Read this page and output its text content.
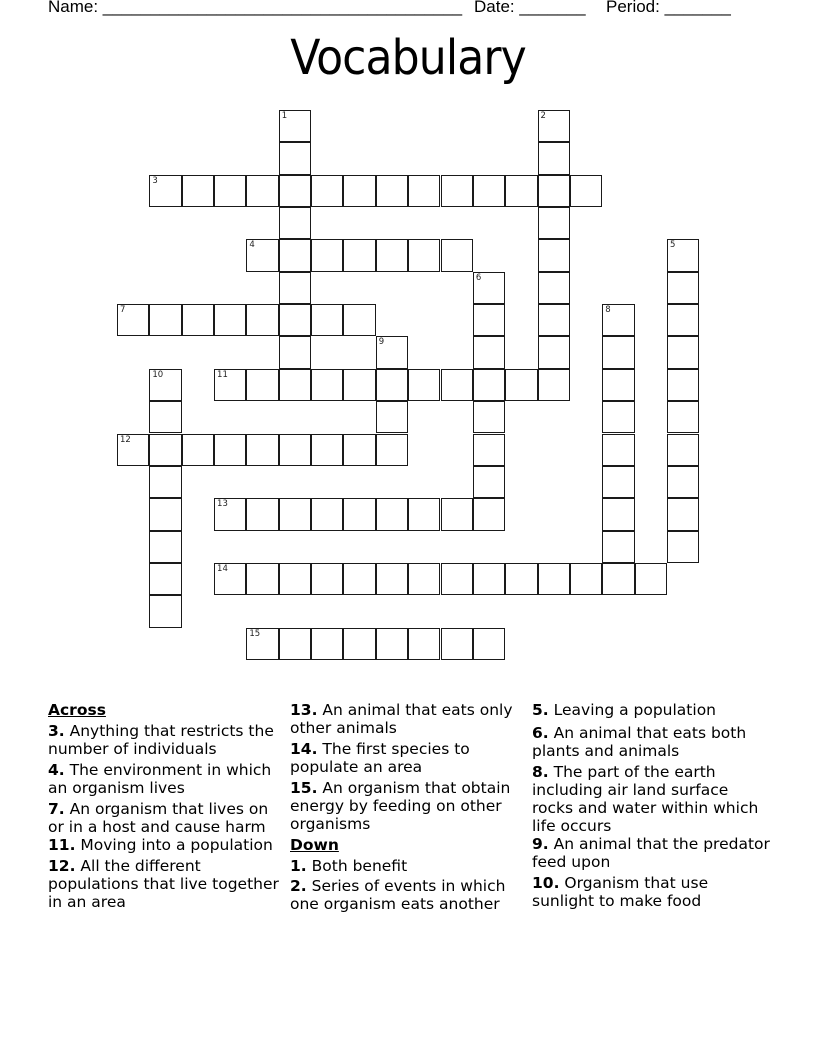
Name: ______________________________________ Date: _______ Period: _______
Vocabulary
1	2
3
4	5
6
7	8
9
10	11
12
13
14
15
Across
3. Anything that restricts the number of individuals
4. The environment in which an organism lives
7. An organism that lives on or in a host and cause harm
11. Moving into a population
12. All the different populations that live together in an area
13. An animal that eats only other animals
14. The first species to populate an area
15. An organism that obtain energy by feeding on other organisms
Down
1. Both benefit
2. Series of events in which one organism eats another
5. Leaving a population
6. An animal that eats both plants and animals
8. The part of the earth including air land surface rocks and water within which life occurs
9. An animal that the predator feed upon
10. Organism that use sunlight to make food
